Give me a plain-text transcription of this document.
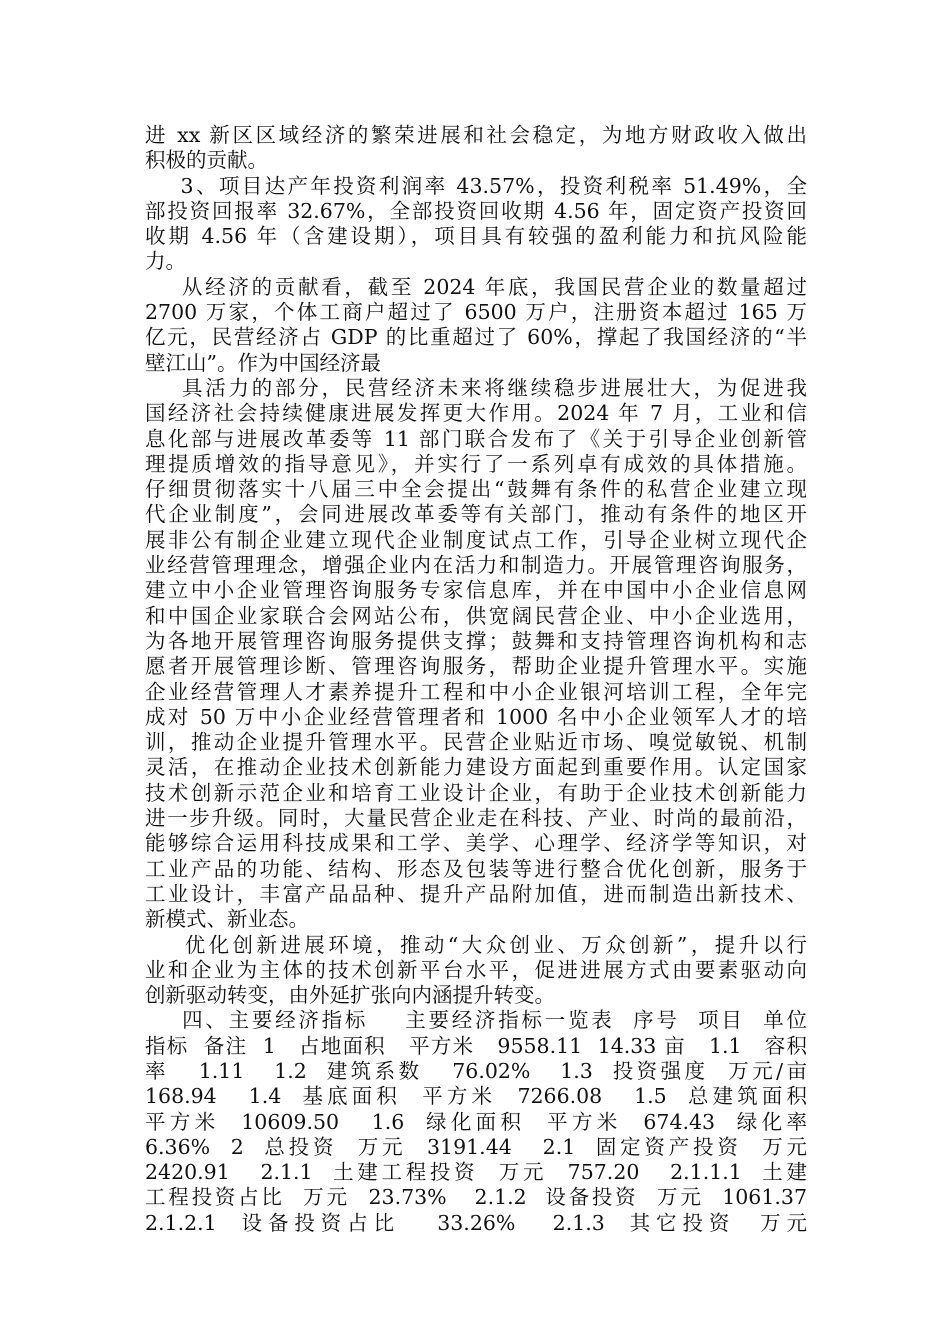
进 xx 新区区域经济的繁荣进展和社会稳定，为地方财政收入做出
积极的贡献。
3、项目达产年投资利润率 43.57%，投资利税率 51.49%，全
部投资回报率 32.67%，全部投资回收期 4.56 年，固定资产投资回
收期 4.56 年（含建设期），项目具有较强的盈利能力和抗风险能
力。
从经济的贡献看，截至 2024 年底，我国民营企业的数量超过
2700 万家，个体工商户超过了 6500 万户，注册资本超过 165 万
亿元，民营经济占 GDP 的比重超过了 60%，撑起了我国经济的“半
壁江山”。作为中国经济最
具活力的部分，民营经济未来将继续稳步进展壮大，为促进我
国经济社会持续健康进展发挥更大作用。2024 年 7 月，工业和信
息化部与进展改革委等 11 部门联合发布了《关于引导企业创新管
理提质增效的指导意见》，并实行了一系列卓有成效的具体措施。
仔细贯彻落实十八届三中全会提出“鼓舞有条件的私营企业建立现
代企业制度”，会同进展改革委等有关部门，推动有条件的地区开
展非公有制企业建立现代企业制度试点工作，引导企业树立现代企
业经营管理理念，增强企业内在活力和制造力。开展管理咨询服务，
建立中小企业管理咨询服务专家信息库，并在中国中小企业信息网
和中国企业家联合会网站公布，供宽阔民营企业、中小企业选用，
为各地开展管理咨询服务提供支撑；鼓舞和支持管理咨询机构和志
愿者开展管理诊断、管理咨询服务，帮助企业提升管理水平。实施
企业经营管理人才素养提升工程和中小企业银河培训工程，全年完
成对 50 万中小企业经营管理者和 1000 名中小企业领军人才的培
训，推动企业提升管理水平。民营企业贴近市场、嗅觉敏锐、机制
灵活，在推动企业技术创新能力建设方面起到重要作用。认定国家
技术创新示范企业和培育工业设计企业，有助于企业技术创新能力
进一步升级。同时，大量民营企业走在科技、产业、时尚的最前沿，
能够综合运用科技成果和工学、美学、心理学、经济学等知识，对
工业产品的功能、结构、形态及包装等进行整合优化创新，服务于
工业设计，丰富产品品种、提升产品附加值，进而制造出新技术、
新模式、新业态。
优化创新进展环境，推动“大众创业、万众创新”，提升以行
业和企业为主体的技术创新平台水平，促进进展方式由要素驱动向
创新驱动转变，由外延扩张向内涵提升转变。
四、主要经济指标    主要经济指标一览表  序号  项目  单位
指标  备注  1   占地面积   平方米   9558.11  14.33 亩   1.1   容积
率   1.11   1.2  建筑系数   76.02%   1.3  投资强度  万元/亩
168.94   1.4  基底面积  平方米  7266.08   1.5  总建筑面积
平方米  10609.50   1.6  绿化面积  平方米  674.43  绿化率
6.36%  2  总投资  万元  3191.44   2.1  固定资产投资  万元
2420.91   2.1.1  土建工程投资  万元  757.20   2.1.1.1  土建
工程投资占比  万元  23.73%   2.1.2  设备投资  万元  1061.37
2.1.2.1  设备投资占比   33.26%   2.1.3  其它投资  万元
